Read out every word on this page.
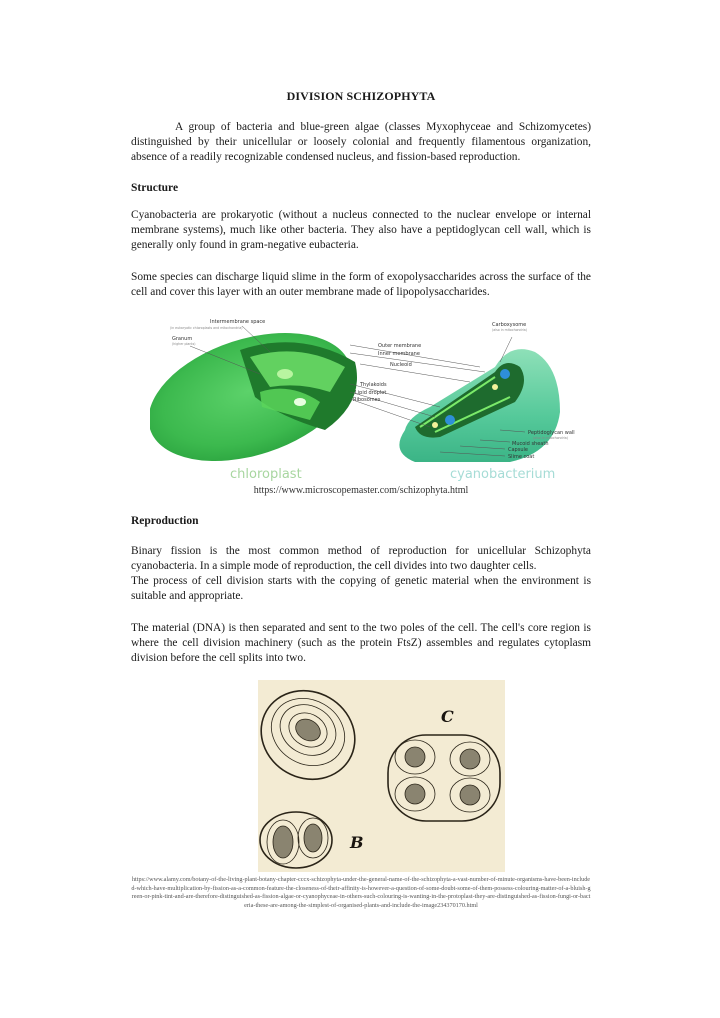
DIVISION SCHIZOPHYTA
A group of bacteria and blue-green algae (classes Myxophyceae and Schizomycetes) distinguished by their unicellular or loosely colonial and frequently filamentous organization, absence of a readily recognizable condensed nucleus, and fission-based reproduction.
Structure
Cyanobacteria are prokaryotic (without a nucleus connected to the nuclear envelope or internal membrane systems), much like other bacteria. They also have a peptidoglycan cell wall, which is generally only found in gram-negative eubacteria.
Some species can discharge liquid slime in the form of exopolysaccharides across the surface of the cell and cover this layer with an outer membrane made of lipopolysaccharides.
https://www.microscopemaster.com/schizophyta.html
Reproduction
Binary fission is the most common method of reproduction for unicellular Schizophyta cyanobacteria. In a simple mode of reproduction, the cell divides into two daughter cells.
The process of cell division starts with the copying of genetic material when the environment is suitable and appropriate.
The material (DNA) is then separated and sent to the two poles of the cell. The cell's core region is where the cell division machinery (such as the protein FtsZ) assembles and regulates cytoplasm division before the cell splits into two.
https://www.alamy.com/botany-of-the-living-plant-botany-chapter-cccx-schizophyta-under-the-general-name-of-the-schizophyta-a-vast-number-of-minute-organisms-have-been-included-which-have-multiplication-by-fission-as-a-common-feature-the-closeness-of-their-affinity-is-however-a-question-of-some-doubt-some-of-them-possess-colouring-matter-of-a-bluish-green-or-pink-tint-and-are-therefore-distinguished-as-fission-algae-or-cyanophyceae-in-others-such-colouring-is-wanting-in-the-protoplast-they-are-distinguished-as-fission-fungi-or-bacteria-these-are-among-the-simplest-of-organised-plants-and-include-the-image234370170.html
Intermembrane space
(in eukaryotic chloroplasts and mitochondria)
Granum
(higher plants)	Outer membrane
Inner membrane
Nucleoid
Thylakoids
Lipid droplet
Ribosomes
Carboxysome
(also in mitochondria)
Peptidoglycan wall
(also in mitochondria)
Mucoid sheath
Capsule
Slime coat
chloroplast	cyanobacterium
B
C
